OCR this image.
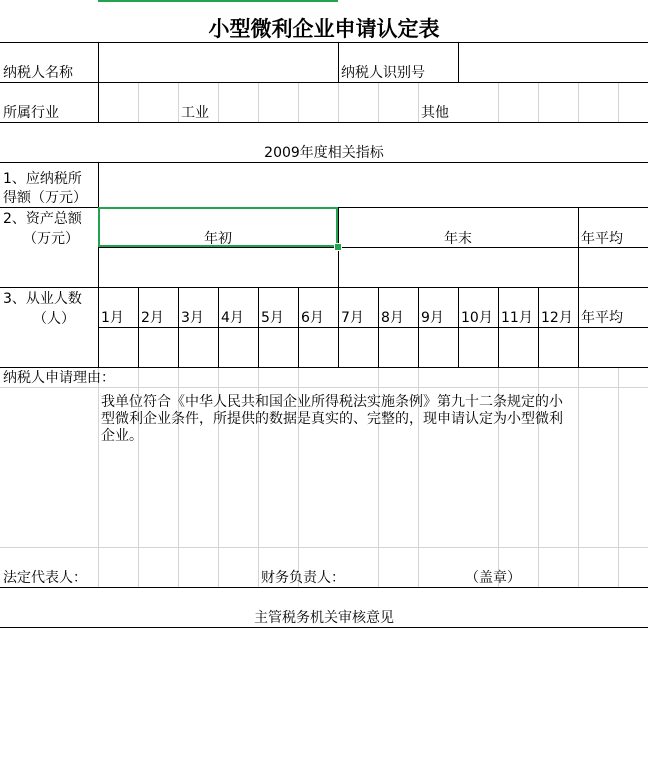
小型微利企业申请认定表
纳税人名称	纳税人识别号
所属行业	工业	其他
2009年度相关指标
1、应纳税所
得额（万元）
2、资产总额
（万元）	年初	年末	年平均
3、从业人数
（人） 1月 2月 3月 4月 5月 6月 7月 8月 9月 10月 11月 12月 年平均
纳税人申请理由：
我单位符合《中华人民共和国企业所得税法实施条例》第九十二条规定的小型微利企业条件，所提供的数据是真实的、完整的，现申请认定为小型微利企业。
法定代表人：	财务负责人：	（盖章）
主管税务机关审核意见
